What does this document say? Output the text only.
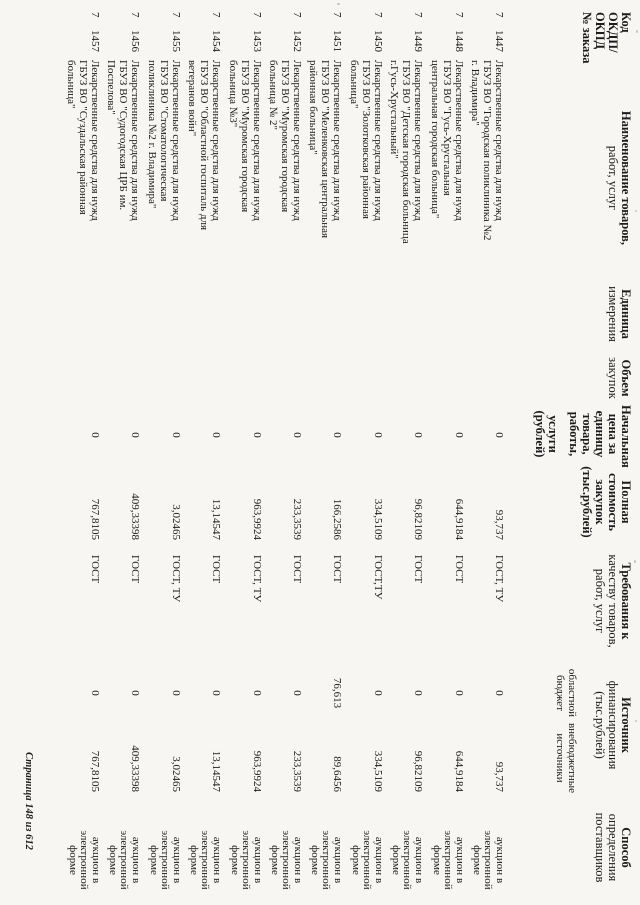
Код
ОКДП/
ОКПД
№ заказа
Наименование товаров,
работ, услуг
Единица
измерения
Объем
закупок
Начальная
цена за
единицу
товара,
работы,
услуги
(рублей)
Полная
стоимость
закупок
(тыс.рублей)
Требования к
качеству товаров,
работ, услуг
Источник
финансирования
(тыс.рублей)
областной
бюджет
внебюджетные
источники
Способ
определения
поставщиков
7
1447
Лекарственные средства для нужд
ГБУЗ ВО "Городская поликлиника №2
г. Владимира"
0
93,737
ГОСТ, ТУ
0
93,737
аукцион в
электронной
форме
7
1448
Лекарственные средства для нужд
ГБУЗ ВО "Гусь-Хрустальная
центральная городская больница"
0
644,9184
ГОСТ
0
644,9184
аукцион в
электронной
форме
7
1449
Лекарственные средства для нужд
ГБУЗ ВО "Детская городская больница
г.Гусь-Хрустальный"
0
96,82109
ГОСТ
0
96,82109
аукцион в
электронной
форме
7
1450
Лекарственные средства для нужд
ГБУЗ ВО "Золотковская районная
больница"
0
334,5109
ГОСТ,ТУ
0
334,5109
аукцион в
электронной
форме
7
1451
Лекарственные средства для нужд
ГБУЗ ВО "Меленковская центральная
районная больница"
0
166,2586
ГОСТ
76,613
89,6456
аукцион в
электронной
форме
7
1452
Лекарственные средства для нужд
ГБУЗ ВО "Муромская городская
больница № 2"
0
233,3539
ГОСТ
0
233,3539
аукцион в
электронной
форме
7
1453
Лекарственные средства для нужд
ГБУЗ ВО "Муромская городская
больница №3"
0
963,9924
ГОСТ, ТУ
0
963,9924
аукцион в
электронной
форме
7
1454
Лекарственные средства для нужд
ГБУЗ ВО "Областной госпиталь для
ветеранов войн"
0
13,14547
ГОСТ
0
13,14547
аукцион в
электронной
форме
7
1455
Лекарственные средства для нужд
ГБУЗ ВО "Стоматологическая
поликлиника №2 г. Владимира"
0
3,02465
ГОСТ, ТУ
0
3,02465
аукцион в
электронной
форме
7
1456
Лекарственные средства для нужд
ГБУЗ ВО "Судогодская ЦРБ им.
Поспелова"
0
409,33398
ГОСТ
0
409,33398
аукцион в
электронной
форме
7
1457
Лекарственные средства для нужд
ГБУЗ ВО "Суздальская районная
больница"
0
767,8105
ГОСТ
0
767,8105
аукцион в
электронной
форме
Страница 148 из 612
